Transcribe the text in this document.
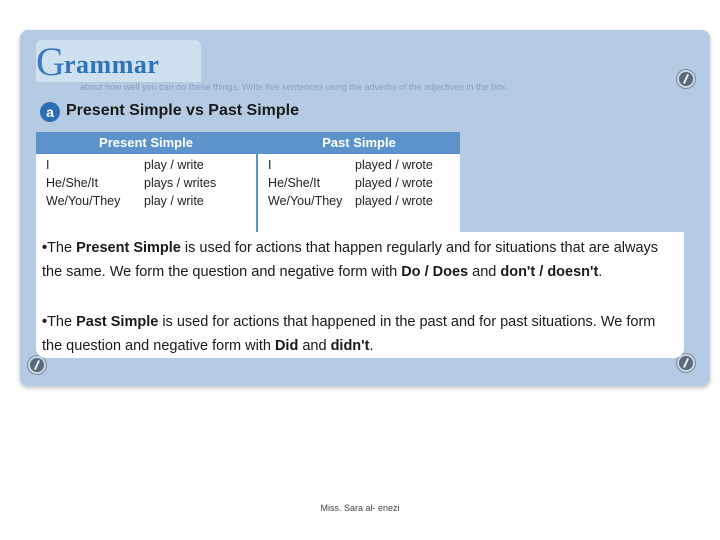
G rammar
about how well you can do these things. Write five sentences using the adverbs of the adjectives in the box.
a Present Simple vs Past Simple
Present Simple
I	play / write
He/She/It	plays / writes
We/You/They play / write
Past Simple
I	played / wrote
He/She/It	played / wrote
We/You/They played / wrote
•The Present Simple is used for actions that happen regularly and for situations that are always the same. We form the question and negative form with Do / Does and don't / doesn't.
•The Past Simple is used for actions that happened in the past and for past situations. We form the question and negative form with Did and didn't.
Miss. Sara al- enezi
